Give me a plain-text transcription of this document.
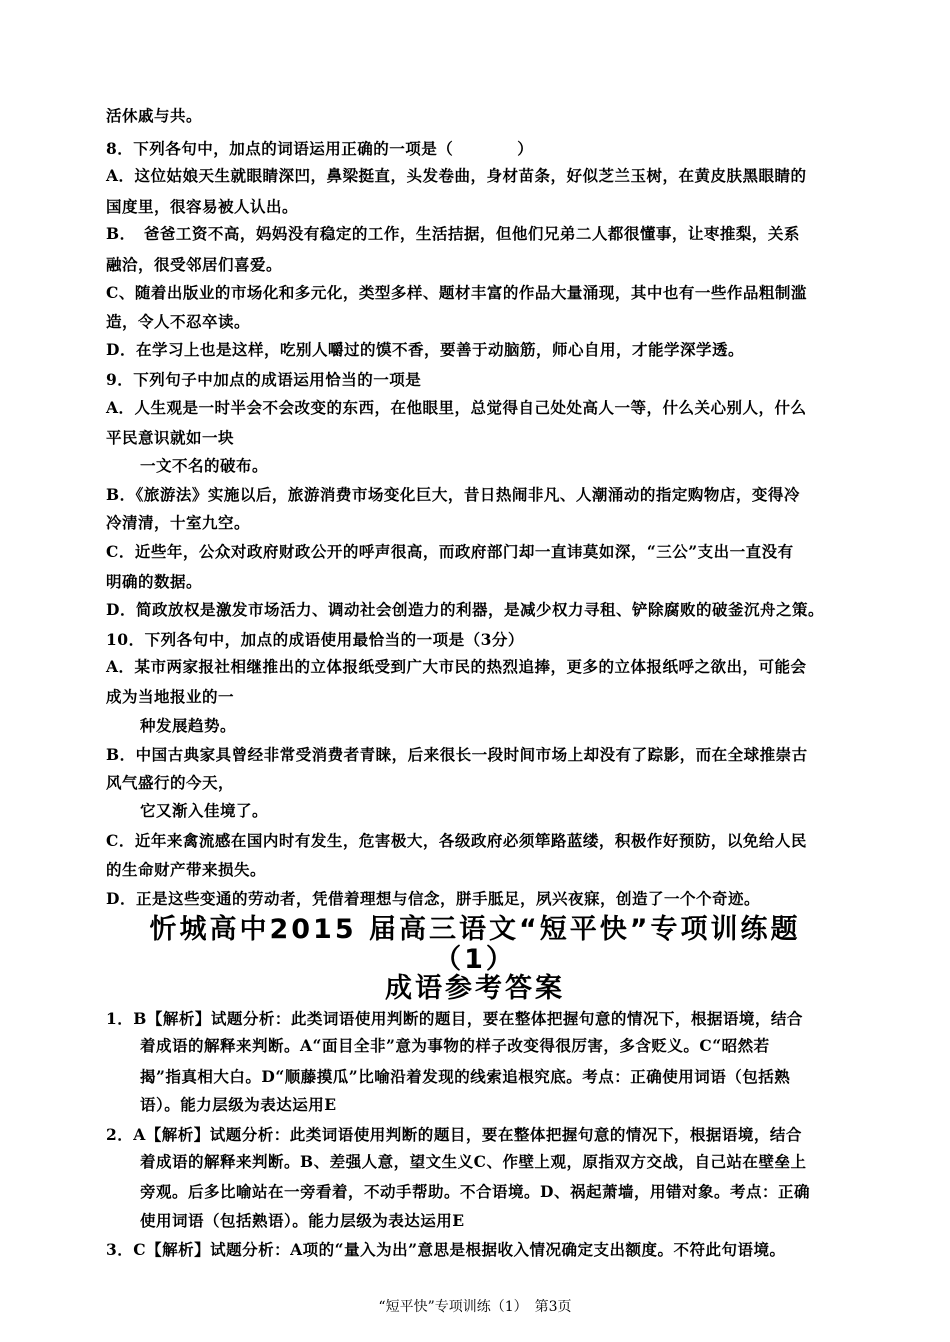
活休戚与共。
8．下列各句中，加点的词语运用正确的一项是（　　　　）
A．这位姑娘天生就眼睛深凹，鼻梁挺直，头发卷曲，身材苗条，好似芝兰玉树，在黄皮肤黑眼睛的
国度里，很容易被人认出。
B．　爸爸工资不高，妈妈没有稳定的工作，生活拮据，但他们兄弟二人都很懂事，让枣推梨，关系
融洽，很受邻居们喜爱。
C、随着出版业的市场化和多元化，类型多样、题材丰富的作品大量涌现，其中也有一些作品粗制滥
造，令人不忍卒读。
D．在学习上也是这样，吃别人嚼过的馍不香，要善于动脑筋，师心自用，才能学深学透。
9．下列句子中加点的成语运用恰当的一项是
A．人生观是一时半会不会改变的东西，在他眼里，总觉得自己处处高人一等，什么关心别人，什么
平民意识就如一块
一文不名的破布。
B．《旅游法》实施以后，旅游消费市场变化巨大，昔日热闹非凡、人潮涌动的指定购物店，变得冷
冷清清，十室九空。
C．近些年，公众对政府财政公开的呼声很高，而政府部门却一直讳莫如深，“三公”支出一直没有
明确的数据。
D．简政放权是激发市场活力、调动社会创造力的利器，是减少权力寻租、铲除腐败的破釜沉舟之策。
10．下列各句中，加点的成语使用最恰当的一项是（3分）
A．某市两家报社相继推出的立体报纸受到广大市民的热烈追捧，更多的立体报纸呼之欲出，可能会
成为当地报业的一
种发展趋势。
B．中国古典家具曾经非常受消费者青睐，后来很长一段时间市场上却没有了踪影，而在全球推崇古
风气盛行的今天，
它又渐入佳境了。
C．近年来禽流感在国内时有发生，危害极大，各级政府必须筚路蓝缕，积极作好预防，以免给人民
的生命财产带来损失。
D．正是这些变通的劳动者，凭借着理想与信念，胼手胝足，夙兴夜寐，创造了一个个奇迹。
忻城高中2015 届高三语文“短平快”专项训练题
（1）
成语参考答案
1．B【解析】试题分析：此类词语使用判断的题目，要在整体把握句意的情况下，根据语境，结合
着成语的解释来判断。A“面目全非”意为事物的样子改变得很厉害，多含贬义。C“昭然若
揭”指真相大白。D“顺藤摸瓜”比喻沿着发现的线索追根究底。考点：正确使用词语（包括熟
语）。能力层级为表达运用E
2．A【解析】试题分析：此类词语使用判断的题目，要在整体把握句意的情况下，根据语境，结合
着成语的解释来判断。B、差强人意，望文生义C、作壁上观，原指双方交战，自己站在壁垒上
旁观。后多比喻站在一旁看着，不动手帮助。不合语境。D、祸起萧墙，用错对象。考点：正确
使用词语（包括熟语）。能力层级为表达运用E
3．C【解析】试题分析：A项的“量入为出”意思是根据收入情况确定支出额度。不符此句语境。
“短平快”专项训练（1）　第3页
